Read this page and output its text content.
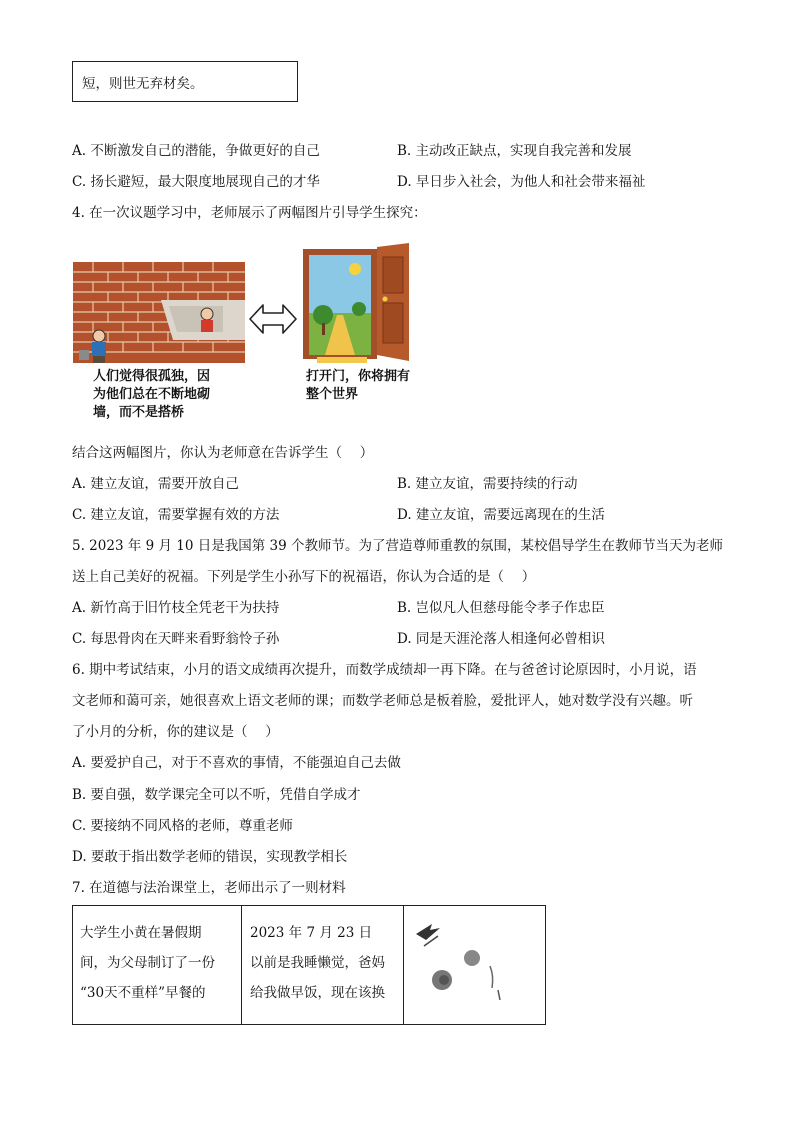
短，则世无弃材矣。
A. 不断激发自己的潜能，争做更好的自己	B. 主动改正缺点，实现自我完善和发展
C. 扬长避短，最大限度地展现自己的才华	D. 早日步入社会，为他人和社会带来福祉
4. 在一次议题学习中，老师展示了两幅图片引导学生探究：
人们觉得很孤独，因
为他们总在不断地砌
墙，而不是搭桥
打开门，你将拥有
整个世界
结合这两幅图片，你认为老师意在告诉学生（　 ）
A. 建立友谊，需要开放自己	B. 建立友谊，需要持续的行动
C. 建立友谊，需要掌握有效的方法	D. 建立友谊，需要远离现在的生活
5. 2023 年 9 月 10 日是我国第 39 个教师节。为了营造尊师重教的氛围，某校倡导学生在教师节当天为老师
送上自己美好的祝福。下列是学生小孙写下的祝福语，你认为合适的是（　 ）
A. 新竹高于旧竹枝全凭老干为扶持	B. 岂似凡人但慈母能令孝子作忠臣
C. 每思骨肉在天畔来看野翁怜子孙	D. 同是天涯沦落人相逢何必曾相识
6. 期中考试结束，小月的语文成绩再次提升，而数学成绩却一再下降。在与爸爸讨论原因时，小月说，语
文老师和蔼可亲，她很喜欢上语文老师的课；而数学老师总是板着脸，爱批评人，她对数学没有兴趣。听
了小月的分析，你的建议是（　 ）
A. 要爱护自己，对于不喜欢的事情，不能强迫自己去做
B. 要自强，数学课完全可以不听，凭借自学成才
C. 要接纳不同风格的老师，尊重老师
D. 要敢于指出数学老师的错误，实现教学相长
7. 在道德与法治课堂上，老师出示了一则材料
大学生小黄在暑假期
间，为父母制订了一份
“30天不重样”早餐的

2023 年 7 月 23 日
以前是我睡懒觉，爸妈
给我做早饭，现在该换
